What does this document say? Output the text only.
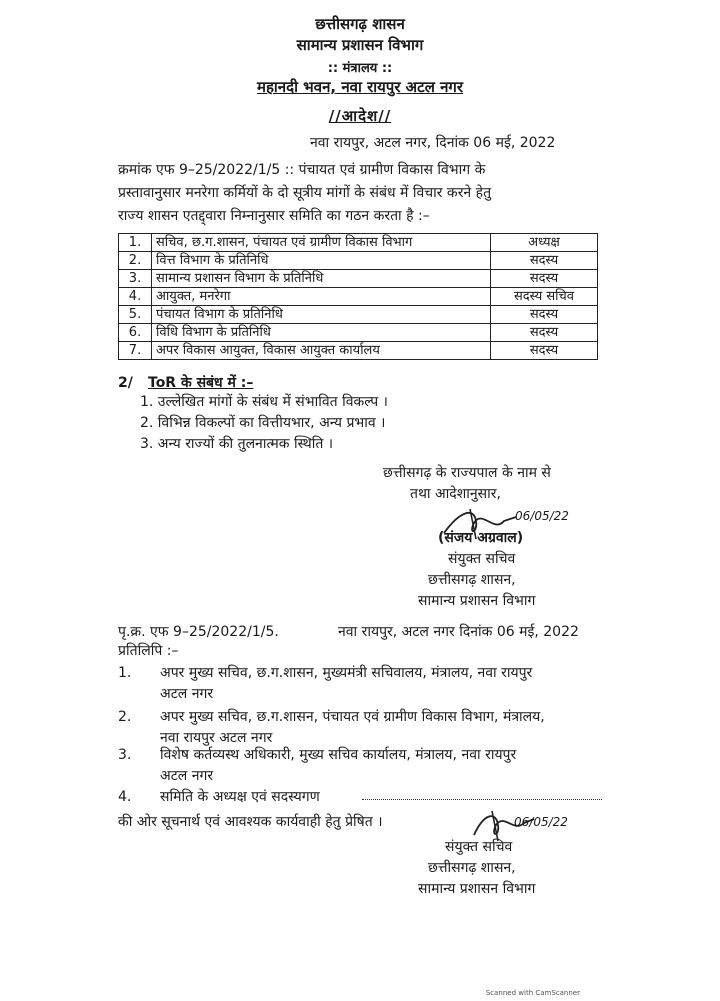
छत्तीसगढ़ शासन
सामान्य प्रशासन विभाग
:: मंत्रालय ::
महानदी भवन, नवा रायपुर अटल नगर
//आदेश//
नवा रायपुर, अटल नगर, दिनांक 06 मई, 2022
क्रमांक एफ 9–25/2022/1/5 :: पंचायत एवं ग्रामीण विकास विभाग के
प्रस्तावानुसार मनरेगा कर्मियों के दो सूत्रीय मांगों के संबंध में विचार करने हेतु
राज्य शासन एतद्द्वारा निम्नानुसार समिति का गठन करता है :–
1.	सचिव, छ.ग.शासन, पंचायत एवं ग्रामीण विकास विभाग	अध्यक्ष
2.	वित्त विभाग के प्रतिनिधि	सदस्य
3.	सामान्य प्रशासन विभाग के प्रतिनिधि	सदस्य
4.	आयुक्त, मनरेगा	सदस्य सचिव
5.	पंचायत विभाग के प्रतिनिधि	सदस्य
6.	विधि विभाग के प्रतिनिधि	सदस्य
7.	अपर विकास आयुक्त, विकास आयुक्त कार्यालय	सदस्य
2/ ToR के संबंध में :–
1. उल्लेखित मांगों के संबंध में संभावित विकल्प ।
2. विभिन्न विकल्पों का वित्तीयभार, अन्य प्रभाव ।
3. अन्य राज्यों की तुलनात्मक स्थिति ।
छत्तीसगढ़ के राज्यपाल के नाम से
तथा आदेशानुसार,
06/05/22
(संजय अग्रवाल)
संयुक्त सचिव
छत्तीसगढ़ शासन,
सामान्य प्रशासन विभाग
पृ.क्र. एफ 9–25/2022/1/5.	नवा रायपुर, अटल नगर दिनांक 06 मई, 2022
प्रतिलिपि :–
1. अपर मुख्य सचिव, छ.ग.शासन, मुख्यमंत्री सचिवालय, मंत्रालय, नवा रायपुर
अटल नगर
2. अपर मुख्य सचिव, छ.ग.शासन, पंचायत एवं ग्रामीण विकास विभाग, मंत्रालय,
नवा रायपुर अटल नगर
3. विशेष कर्तव्यस्थ अधिकारी, मुख्य सचिव कार्यालय, मंत्रालय, नवा रायपुर
अटल नगर
4. समिति के अध्यक्ष एवं सदस्यगण
की ओर सूचनार्थ एवं आवश्यक कार्यवाही हेतु प्रेषित ।	06/05/22
संयुक्त सचिव
छत्तीसगढ़ शासन,
सामान्य प्रशासन विभाग
Scanned with CamScanner
